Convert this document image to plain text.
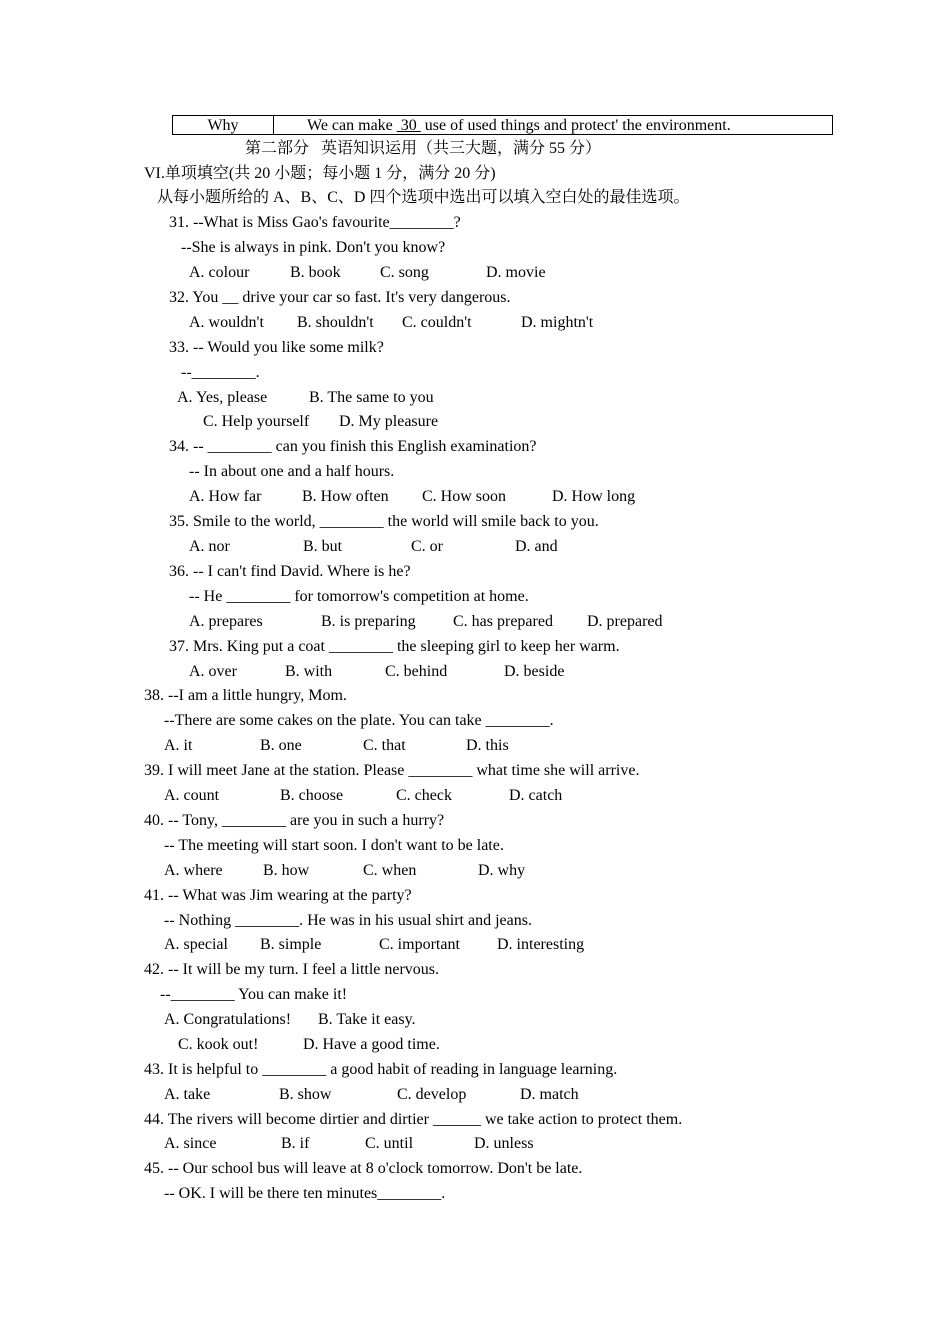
Why	We can make  30  use of used things and protect' the environment.
第二部分   英语知识运用（共三大题，满分 55 分）
VI.单项填空(共 20 小题；每小题 1 分，满分 20 分)
从每小题所给的 A、B、C、D 四个选项中选出可以填入空白处的最佳选项。
31. --What is Miss Gao's favourite________?
--She is always in pink. Don't you know?
A. colour	B. book C. song	D. movie
32. You __ drive your car so fast. It's very dangerous.
A. wouldn't B. shouldn't C. couldn't	D. mightn't
33. -- Would you like some milk?
--________.
A. Yes, please	B. The same to you
C. Help yourself D. My pleasure
34. -- ________ can you finish this English examination?
-- In about one and a half hours.
A. How far	B. How often C. How soon	D. How long
35. Smile to the world, ________ the world will smile back to you.
A. nor	B. but	C. or	D. and
36. -- I can't find David. Where is he?
-- He ________ for tomorrow's competition at home.
A. prepares	B. is preparing C. has prepared D. prepared
37. Mrs. King put a coat ________ the sleeping girl to keep her warm.
A. over	B. with	C. behind	D. beside
38. --I am a little hungry, Mom.
--There are some cakes on the plate. You can take ________.
A. it	B. one	C. that	D. this
39. I will meet Jane at the station. Please ________ what time she will arrive.
A. count	B. choose	C. check	D. catch
40. -- Tony, ________ are you in such a hurry?
-- The meeting will start soon. I don't want to be late.
A. where	B. how	C. when	D. why
41. -- What was Jim wearing at the party?
-- Nothing ________. He was in his usual shirt and jeans.
A. special B. simple	C. important D. interesting
42. -- It will be my turn. I feel a little nervous.
--________ You can make it!
A. Congratulations! B. Take it easy.
C. kook out!	D. Have a good time.
43. It is helpful to ________ a good habit of reading in language learning.
A. take	B. show	C. develop	D. match
44. The rivers will become dirtier and dirtier ______ we take action to protect them.
A. since	B. if	C. until	D. unless
45. -- Our school bus will leave at 8 o'clock tomorrow. Don't be late.
-- OK. I will be there ten minutes________.
